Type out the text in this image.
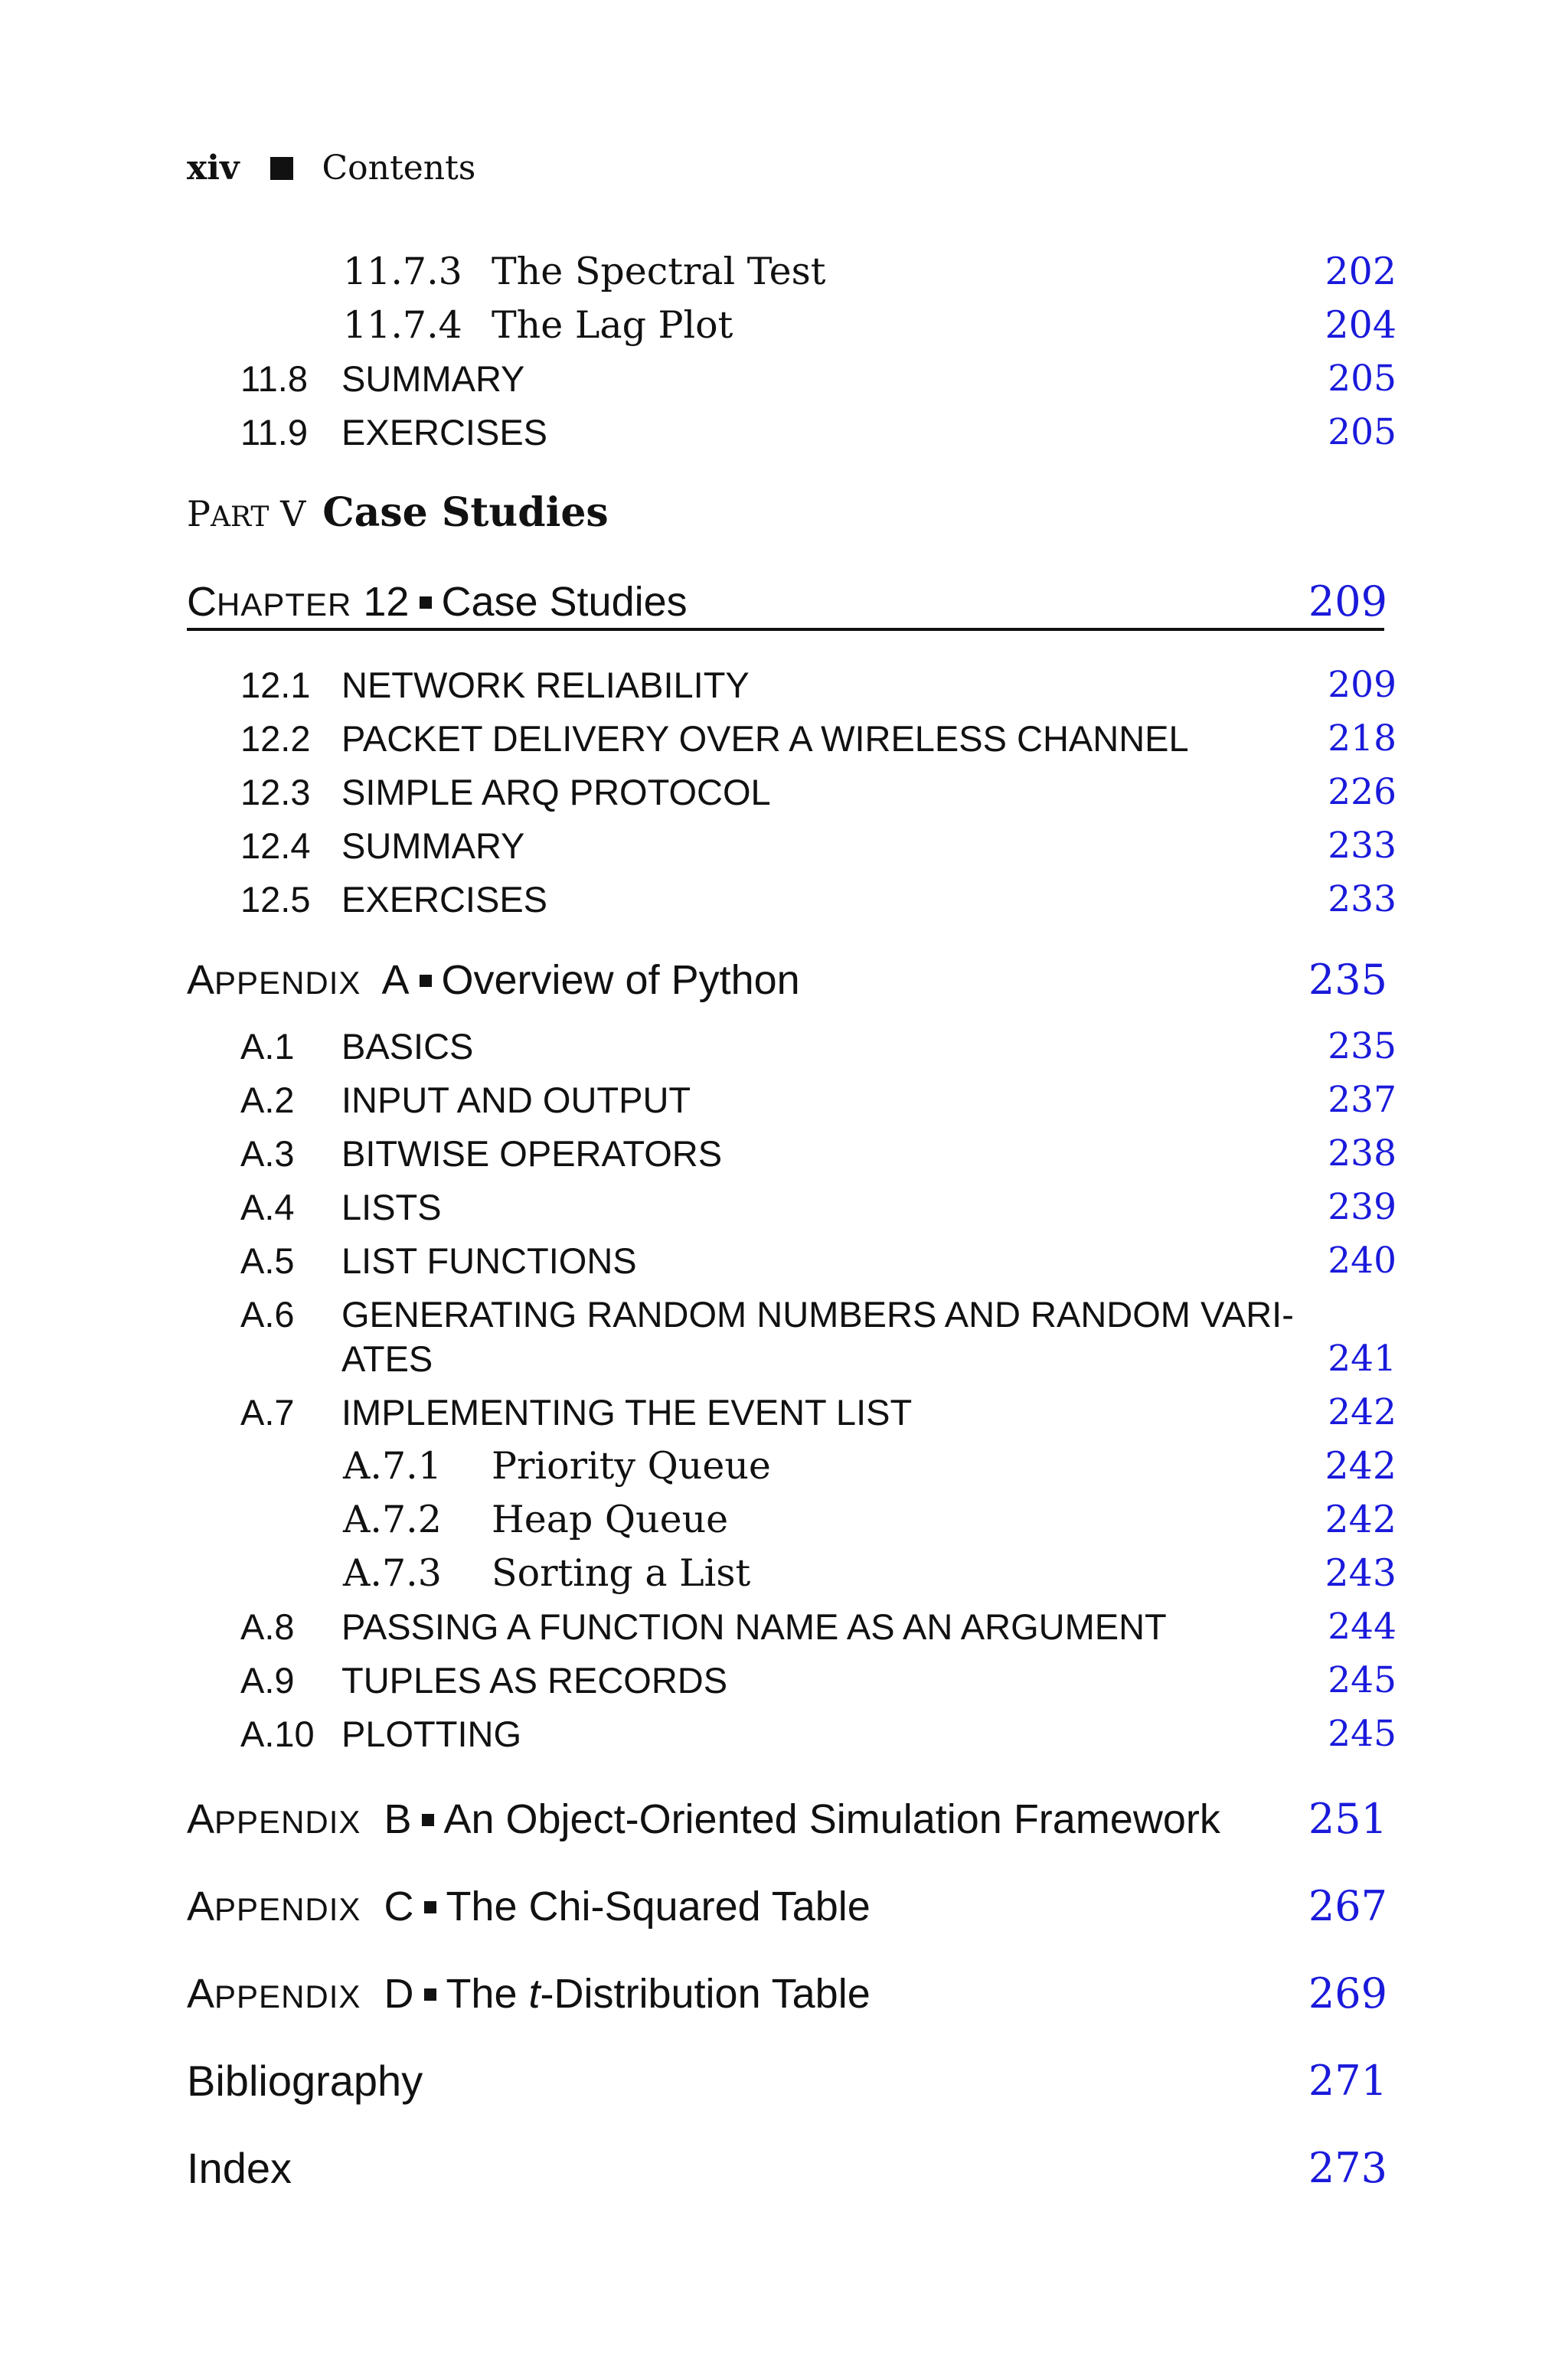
xiv Contents
11.7.3 The Spectral Test	202
11.7.4 The Lag Plot	204
11.8 SUMMARY	205
11.9 EXERCISES	205
PART V Case Studies
CHAPTER 12 Case Studies	209
12.1 NETWORK RELIABILITY	209
12.2 PACKET DELIVERY OVER A WIRELESS CHANNEL	218
12.3 SIMPLE ARQ PROTOCOL	226
12.4 SUMMARY	233
12.5 EXERCISES	233
APPENDIX A Overview of Python	235
A.1 BASICS	235
A.2 INPUT AND OUTPUT	237
A.3 BITWISE OPERATORS	238
A.4 LISTS	239
A.5 LIST FUNCTIONS	240
A.6 GENERATING RANDOM NUMBERS AND RANDOM VARI-
ATES	241
A.7 IMPLEMENTING THE EVENT LIST	242
A.7.1 Priority Queue	242
A.7.2 Heap Queue	242
A.7.3 Sorting a List	243
A.8 PASSING A FUNCTION NAME AS AN ARGUMENT	244
A.9 TUPLES AS RECORDS	245
A.10 PLOTTING	245
APPENDIX B An Object-Oriented Simulation Framework	251
APPENDIX C The Chi-Squared Table	267
APPENDIX D The t-Distribution Table	269
Bibliography	271
Index	273
